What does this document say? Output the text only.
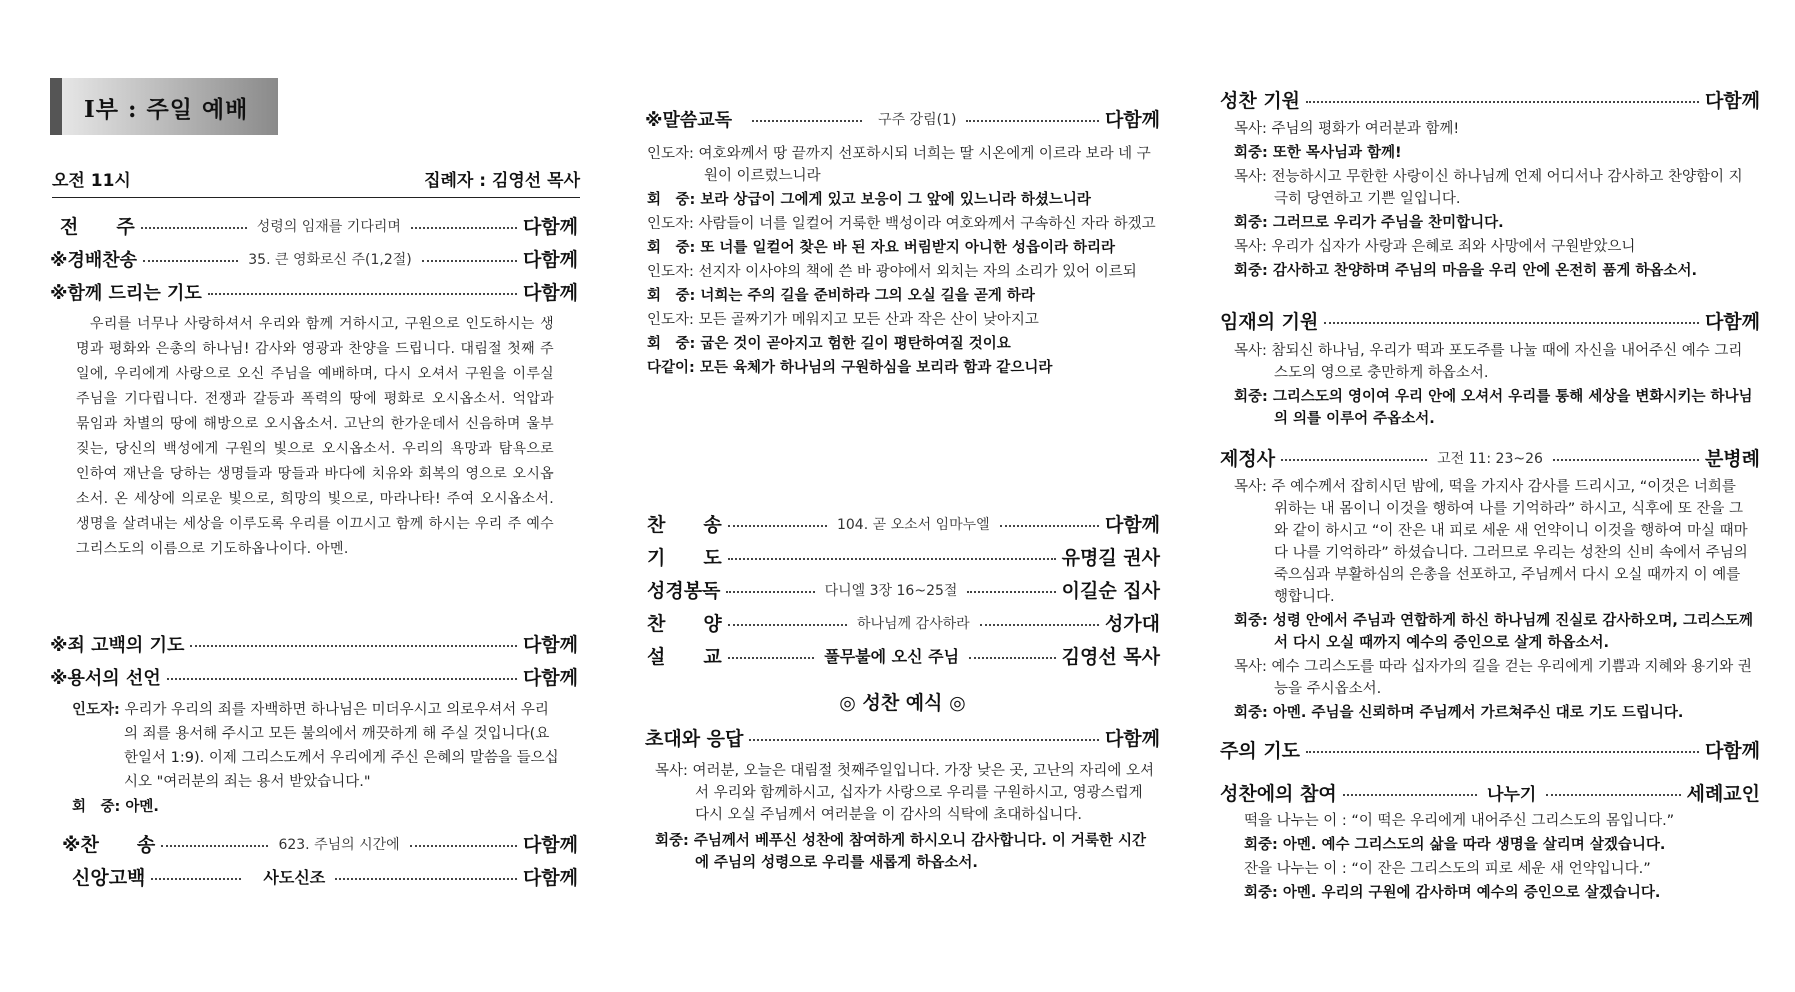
Ⅰ부 : 주일 예배
오전 11시	집례자 : 김영선 목사
전　　주	성령의 임재를 기다리며	다함께
※경배찬송	35. 큰 영화로신 주(1,2절)	다함께
※함께 드리는 기도	다함께
우리를 너무나 사랑하셔서 우리와 함께 거하시고, 구원으로 인도하시는 생명과 평화와 은총의 하나님! 감사와 영광과 찬양을 드립니다. 대림절 첫째 주일에, 우리에게 사랑으로 오신 주님을 예배하며, 다시 오셔서 구원을 이루실 주님을 기다립니다. 전쟁과 갈등과 폭력의 땅에 평화로 오시옵소서. 억압과 묶임과 차별의 땅에 해방으로 오시옵소서. 고난의 한가운데서 신음하며 울부짖는, 당신의 백성에게 구원의 빛으로 오시옵소서. 우리의 욕망과 탐욕으로 인하여 재난을 당하는 생명들과 땅들과 바다에 치유와 회복의 영으로 오시옵소서. 온 세상에 의로운 빛으로, 희망의 빛으로, 마라나타! 주여 오시옵소서. 생명을 살려내는 세상을 이루도록 우리를 이끄시고 함께 하시는 우리 주 예수 그리스도의 이름으로 기도하옵나이다. 아멘.
※죄 고백의 기도	다함께
※용서의 선언	다함께
인도자: 우리가 우리의 죄를 자백하면 하나님은 미더우시고 의로우셔서 우리의 죄를 용서해 주시고 모든 불의에서 깨끗하게 해 주실 것입니다(요한일서 1:9). 이제 그리스도께서 우리에게 주신 은혜의 말씀을 들으십시오 "여러분의 죄는 용서 받았습니다."
회　중: 아멘.
※찬　　송	623. 주님의 시간에	다함께
신앙고백	사도신조	다함께
※말씀교독	구주 강림(1)	다함께
인도자: 여호와께서 땅 끝까지 선포하시되 너희는 딸 시온에게 이르라 보라 네 구원이 이르렀느니라
회　중: 보라 상급이 그에게 있고 보응이 그 앞에 있느니라 하셨느니라
인도자: 사람들이 너를 일컬어 거룩한 백성이라 여호와께서 구속하신 자라 하겠고
회　중: 또 너를 일컬어 찾은 바 된 자요 버림받지 아니한 성읍이라 하리라
인도자: 선지자 이사야의 책에 쓴 바 광야에서 외치는 자의 소리가 있어 이르되
회　중: 너희는 주의 길을 준비하라 그의 오실 길을 곧게 하라
인도자: 모든 골짜기가 메워지고 모든 산과 작은 산이 낮아지고
회　중: 굽은 것이 곧아지고 험한 길이 평탄하여질 것이요
다같이: 모든 육체가 하나님의 구원하심을 보리라 함과 같으니라
찬　　송	104. 곧 오소서 임마누엘	다함께
기　　도	유명길 권사
성경봉독	다니엘 3장 16~25절	이길순 집사
찬　　양	하나님께 감사하라	성가대
설　　교	풀무불에 오신 주님	김영선 목사
◎ 성찬 예식 ◎
초대와 응답	다함께
목사: 여러분, 오늘은 대림절 첫째주일입니다. 가장 낮은 곳, 고난의 자리에 오셔서 우리와 함께하시고, 십자가 사랑으로 우리를 구원하시고, 영광스럽게 다시 오실 주님께서 여러분을 이 감사의 식탁에 초대하십니다.
회중: 주님께서 베푸신 성찬에 참여하게 하시오니 감사합니다. 이 거룩한 시간에 주님의 성령으로 우리를 새롭게 하옵소서.
성찬 기원	다함께
목사: 주님의 평화가 여러분과 함께!
회중: 또한 목사님과 함께!
목사: 전능하시고 무한한 사랑이신 하나님께 언제 어디서나 감사하고 찬양함이 지극히 당연하고 기쁜 일입니다.
회중: 그러므로 우리가 주님을 찬미합니다.
목사: 우리가 십자가 사랑과 은혜로 죄와 사망에서 구원받았으니
회중: 감사하고 찬양하며 주님의 마음을 우리 안에 온전히 품게 하옵소서.
임재의 기원	다함께
목사: 참되신 하나님, 우리가 떡과 포도주를 나눌 때에 자신을 내어주신 예수 그리스도의 영으로 충만하게 하옵소서.
회중: 그리스도의 영이여 우리 안에 오셔서 우리를 통해 세상을 변화시키는 하나님의 의를 이루어 주옵소서.
제정사	고전 11: 23~26	분병례
목사: 주 예수께서 잡히시던 밤에, 떡을 가지사 감사를 드리시고, “이것은 너희를 위하는 내 몸이니 이것을 행하여 나를 기억하라” 하시고, 식후에 또 잔을 그와 같이 하시고 “이 잔은 내 피로 세운 새 언약이니 이것을 행하여 마실 때마다 나를 기억하라” 하셨습니다. 그러므로 우리는 성찬의 신비 속에서 주님의 죽으심과 부활하심의 은총을 선포하고, 주님께서 다시 오실 때까지 이 예를 행합니다.
회중: 성령 안에서 주님과 연합하게 하신 하나님께 진실로 감사하오며, 그리스도께서 다시 오실 때까지 예수의 증인으로 살게 하옵소서.
목사: 예수 그리스도를 따라 십자가의 길을 걷는 우리에게 기쁨과 지혜와 용기와 권능을 주시옵소서.
회중: 아멘. 주님을 신뢰하며 주님께서 가르쳐주신 대로 기도 드립니다.
주의 기도	다함께
성찬에의 참여	나누기	세례교인
떡을 나누는 이 : “이 떡은 우리에게 내어주신 그리스도의 몸입니다.”
회중: 아멘. 예수 그리스도의 삶을 따라 생명을 살리며 살겠습니다.
잔을 나누는 이 : “이 잔은 그리스도의 피로 세운 새 언약입니다.”
회중: 아멘. 우리의 구원에 감사하며 예수의 증인으로 살겠습니다.
